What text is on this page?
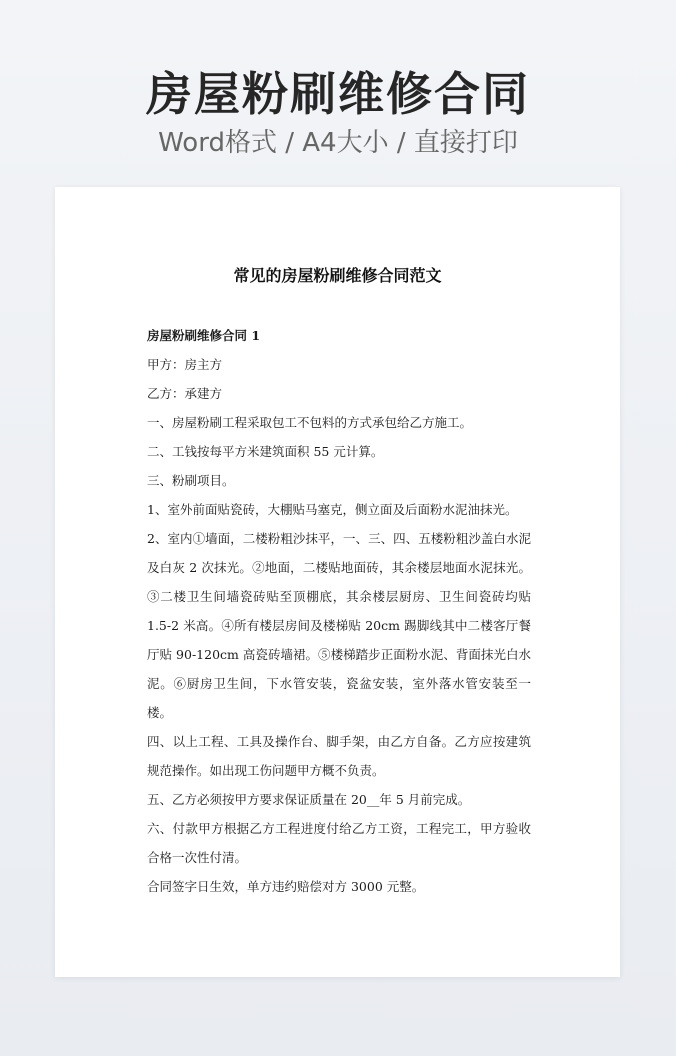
房屋粉刷维修合同
Word格式 / A4大小 / 直接打印
常见的房屋粉刷维修合同范文

房屋粉刷维修合同 1

甲方：房主方

乙方：承建方

一、房屋粉刷工程采取包工不包料的方式承包给乙方施工。

二、工钱按每平方米建筑面积 55 元计算。

三、粉刷项目。

1、室外前面贴瓷砖，大棚贴马塞克，侧立面及后面粉水泥油抹光。

2、室内①墙面，二楼粉粗沙抹平，一、三、四、五楼粉粗沙盖白水泥及白灰 2 次抹光。②地面，二楼贴地面砖，其余楼层地面水泥抹光。③二楼卫生间墙瓷砖贴至顶棚底，其余楼层厨房、卫生间瓷砖均贴 1.5-2 米高。④所有楼层房间及楼梯贴 20cm 踢脚线其中二楼客厅餐厅贴 90-120cm 高瓷砖墙裙。⑤楼梯踏步正面粉水泥、背面抹光白水泥。⑥厨房卫生间，下水管安装，瓷盆安装，室外落水管安装至一楼。

四、以上工程、工具及操作台、脚手架，由乙方自备。乙方应按建筑规范操作。如出现工伤问题甲方概不负责。

五、乙方必须按甲方要求保证质量在 20__年 5 月前完成。

六、付款甲方根据乙方工程进度付给乙方工资，工程完工，甲方验收合格一次性付清。

合同签字日生效，单方违约赔偿对方 3000 元整。
